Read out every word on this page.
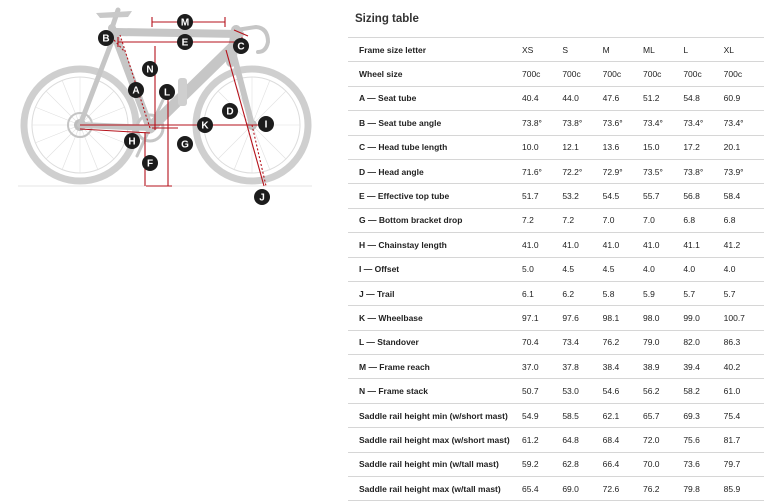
M
E
B
C
N
A L
D
K	I
H	G
F
J
Sizing table
Frame size letter	XS	S	M	ML	L	XL
Wheel size	700c	700c	700c	700c	700c	700c
A — Seat tube	40.4	44.0	47.6	51.2	54.8	60.9
B — Seat tube angle	73.8°	73.8°	73.6°	73.4°	73.4°	73.4°
C — Head tube length	10.0	12.1	13.6	15.0	17.2	20.1
D — Head angle	71.6°	72.2°	72.9°	73.5°	73.8°	73.9°
E — Effective top tube	51.7	53.2	54.5	55.7	56.8	58.4
G — Bottom bracket drop	7.2	7.2	7.0	7.0	6.8	6.8
H — Chainstay length	41.0	41.0	41.0	41.0	41.1	41.2
I — Offset	5.0	4.5	4.5	4.0	4.0	4.0
J — Trail	6.1	6.2	5.8	5.9	5.7	5.7
K — Wheelbase	97.1	97.6	98.1	98.0	99.0	100.7
L — Standover	70.4	73.4	76.2	79.0	82.0	86.3
M — Frame reach	37.0	37.8	38.4	38.9	39.4	40.2
N — Frame stack	50.7	53.0	54.6	56.2	58.2	61.0
Saddle rail height min (w/short mast)	54.9	58.5	62.1	65.7	69.3	75.4
Saddle rail height max (w/short mast)	61.2	64.8	68.4	72.0	75.6	81.7
Saddle rail height min (w/tall mast)	59.2	62.8	66.4	70.0	73.6	79.7
Saddle rail height max (w/tall mast)	65.4	69.0	72.6	76.2	79.8	85.9
